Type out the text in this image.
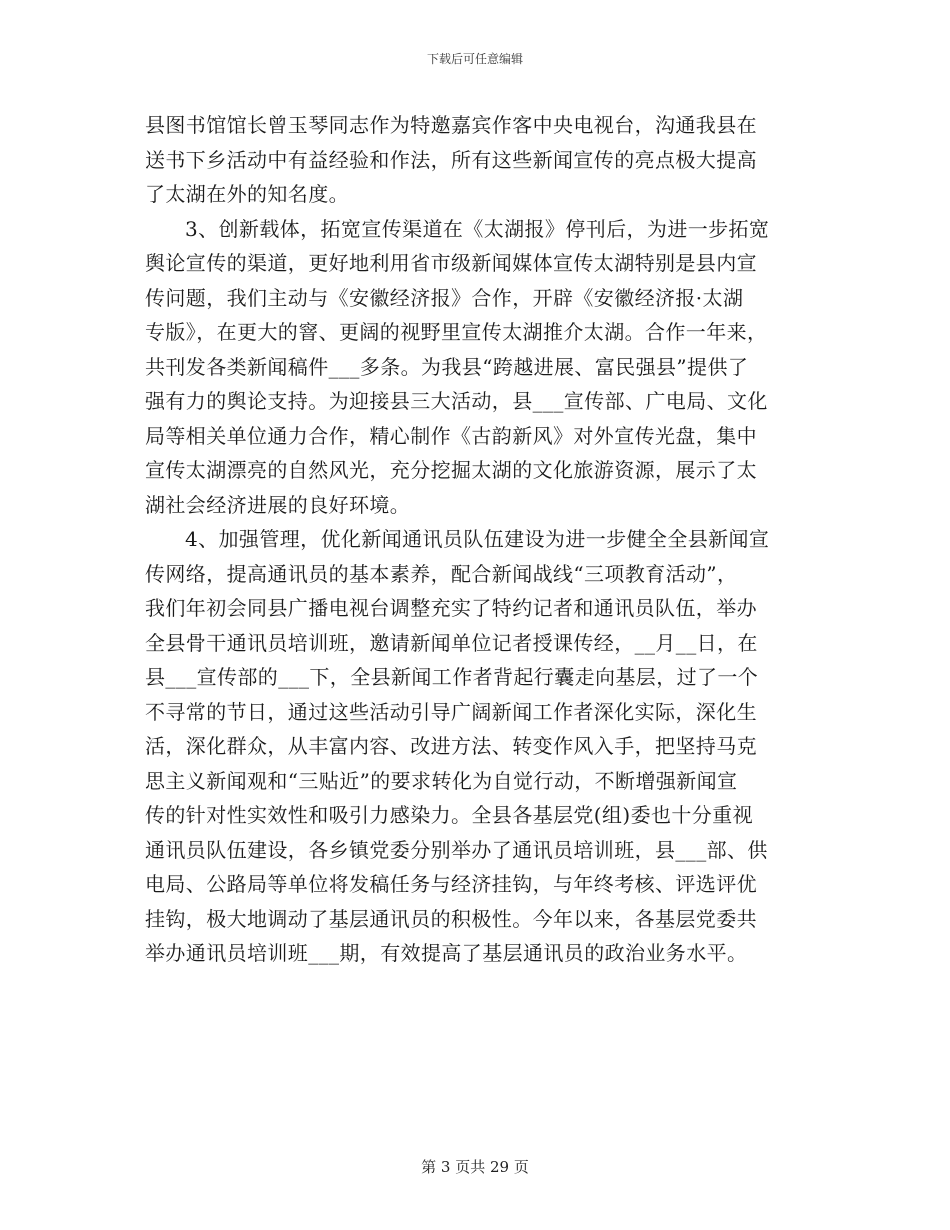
下载后可任意编辑

县图书馆馆长曾玉琴同志作为特邀嘉宾作客中央电视台，沟通我县在

送书下乡活动中有益经验和作法，所有这些新闻宣传的亮点极大提高

了太湖在外的知名度。

3、创新载体，拓宽宣传渠道在《太湖报》停刊后，为进一步拓宽

舆论宣传的渠道，更好地利用省市级新闻媒体宣传太湖特别是县内宣

传问题，我们主动与《安徽经济报》合作，开辟《安徽经济报·太湖

专版》，在更大的窨、更阔的视野里宣传太湖推介太湖。合作一年来，

共刊发各类新闻稿件___多条。为我县“跨越进展、富民强县”提供了

强有力的舆论支持。为迎接县三大活动，县___宣传部、广电局、文化

局等相关单位通力合作，精心制作《古韵新风》对外宣传光盘，集中

宣传太湖漂亮的自然风光，充分挖掘太湖的文化旅游资源，展示了太

湖社会经济进展的良好环境。

4、加强管理，优化新闻通讯员队伍建设为进一步健全全县新闻宣

传网络，提高通讯员的基本素养，配合新闻战线“三项教育活动”，

我们年初会同县广播电视台调整充实了特约记者和通讯员队伍，举办

全县骨干通讯员培训班，邀请新闻单位记者授课传经，__月__日，在

县___宣传部的___下，全县新闻工作者背起行囊走向基层，过了一个

不寻常的节日，通过这些活动引导广阔新闻工作者深化实际，深化生

活，深化群众，从丰富内容、改进方法、转变作风入手，把坚持马克

思主义新闻观和“三贴近”的要求转化为自觉行动，不断增强新闻宣

传的针对性实效性和吸引力感染力。全县各基层党(组)委也十分重视

通讯员队伍建设，各乡镇党委分别举办了通讯员培训班，县___部、供

电局、公路局等单位将发稿任务与经济挂钩，与年终考核、评选评优

挂钩，极大地调动了基层通讯员的积极性。今年以来，各基层党委共

举办通讯员培训班___期，有效提高了基层通讯员的政治业务水平。

第 3 页共 29 页
